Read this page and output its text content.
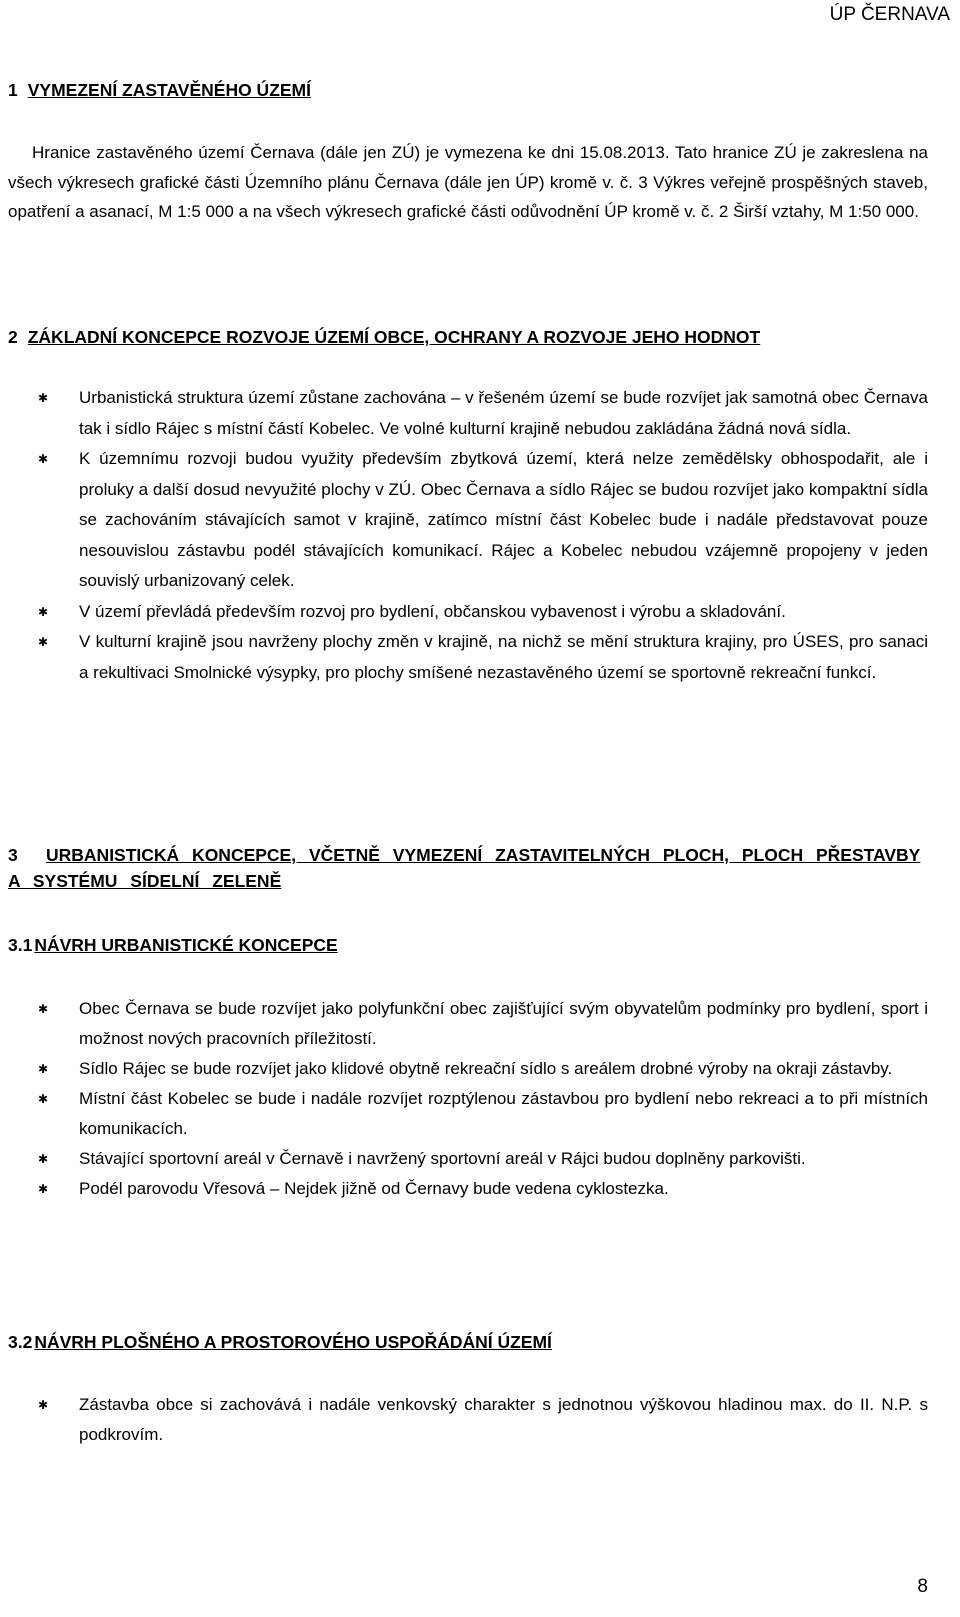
ÚP ČERNAVA
1 VYMEZENÍ ZASTAVĚNÉHO ÚZEMÍ
Hranice zastavěného území Černava (dále jen ZÚ) je vymezena ke dni 15.08.2013. Tato hranice ZÚ je zakreslena na všech výkresech grafické části Územního plánu Černava (dále jen ÚP) kromě v. č. 3 Výkres veřejně prospěšných staveb, opatření a asanací, M 1:5 000 a na všech výkresech grafické části odůvodnění ÚP kromě v. č. 2 Širší vztahy, M 1:50 000.
2 ZÁKLADNÍ KONCEPCE ROZVOJE ÚZEMÍ OBCE, OCHRANY A ROZVOJE JEHO HODNOT
✱ Urbanistická struktura území zůstane zachována – v řešeném území se bude rozvíjet jak samotná obec Černava tak i sídlo Rájec s místní částí Kobelec. Ve volné kulturní krajině nebudou zakládána žádná nová sídla.
✱ K územnímu rozvoji budou využity především zbytková území, která nelze zemědělsky obhospodařit, ale i proluky a další dosud nevyužité plochy v ZÚ. Obec Černava a sídlo Rájec se budou rozvíjet jako kompaktní sídla se zachováním stávajících samot v krajině, zatímco místní část Kobelec bude i nadále představovat pouze nesouvislou zástavbu podél stávajících komunikací. Rájec a Kobelec nebudou vzájemně propojeny v jeden souvislý urbanizovaný celek.
✱ V území převládá především rozvoj pro bydlení, občanskou vybavenost i výrobu a skladování.
✱ V kulturní krajině jsou navrženy plochy změn v krajině, na nichž se mění struktura krajiny, pro ÚSES, pro sanaci a rekultivaci Smolnické výsypky, pro plochy smíšené nezastavěného území se sportovně rekreační funkcí.
3 URBANISTICKÁ KONCEPCE, VČETNĚ VYMEZENÍ ZASTAVITELNÝCH PLOCH, PLOCH PŘESTAVBY A SYSTÉMU SÍDELNÍ ZELENĚ
3.1 NÁVRH URBANISTICKÉ KONCEPCE
✱ Obec Černava se bude rozvíjet jako polyfunkční obec zajišťující svým obyvatelům podmínky pro bydlení, sport i možnost nových pracovních příležitostí.
✱ Sídlo Rájec se bude rozvíjet jako klidové obytně rekreační sídlo s areálem drobné výroby na okraji zástavby.
✱ Místní část Kobelec se bude i nadále rozvíjet rozptýlenou zástavbou pro bydlení nebo rekreaci a to při místních komunikacích.
✱ Stávající sportovní areál v Černavě i navržený sportovní areál v Rájci budou doplněny parkovišti.
✱ Podél parovodu Vřesová – Nejdek jižně od Černavy bude vedena cyklostezka.
3.2 NÁVRH PLOŠNÉHO A PROSTOROVÉHO USPOŘÁDÁNÍ ÚZEMÍ
✱ Zástavba obce si zachovává i nadále venkovský charakter s jednotnou výškovou hladinou max. do II. N.P. s podkrovím.
8
